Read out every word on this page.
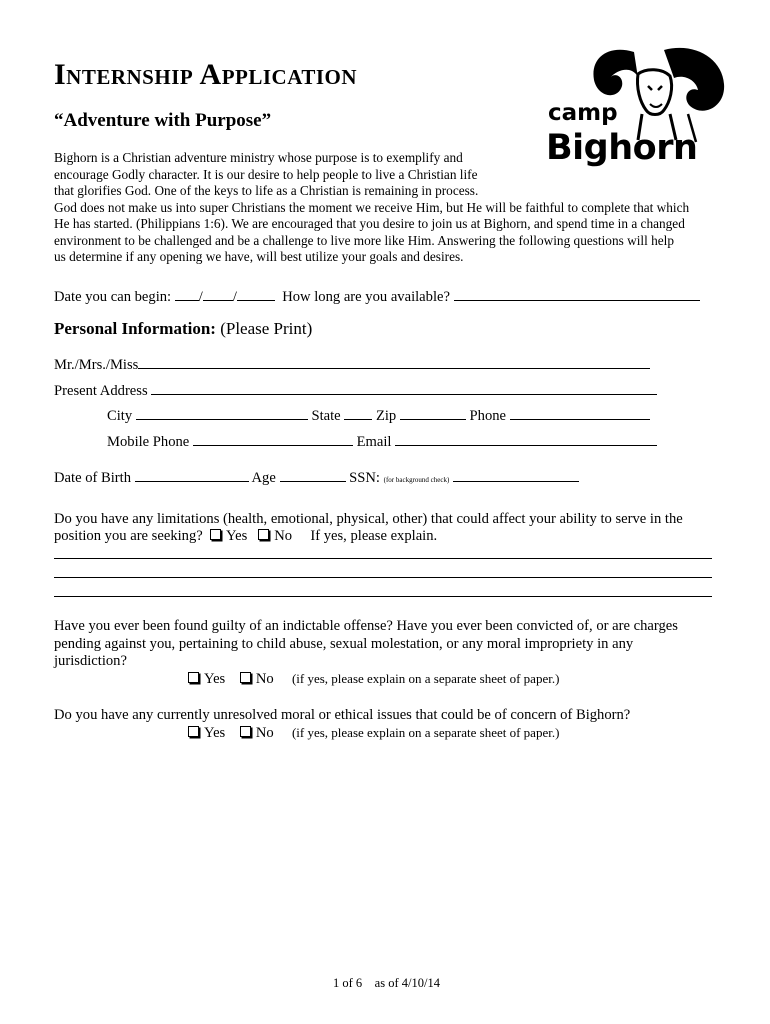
Internship Application
“Adventure with Purpose”	camp
Bighorn
Bighorn is a Christian adventure ministry whose purpose is to exemplify and
encourage Godly character. It is our desire to help people to live a Christian life
that glorifies God. One of the keys to life as a Christian is remaining in process.
God does not make us into super Christians the moment we receive Him, but He will be faithful to complete that which
He has started. (Philippians 1:6). We are encouraged that you desire to join us at Bighorn, and spend time in a changed
environment to be challenged and be a challenge to live more like Him. Answering the following questions will help
us determine if any opening we have, will best utilize your goals and desires.
Date you can begin: / /	How long are you available?
Personal Information: (Please Print)
Mr./Mrs./Miss
Present Address
City	State Zip	Phone
Mobile Phone	Email
Date of Birth	Age	SSN: (for background check)
Do you have any limitations (health, emotional, physical, other) that could affect your ability to serve in the
position you are seeking? Yes No If yes, please explain.
Have you ever been found guilty of an indictable offense? Have you ever been convicted of, or are charges
pending against you, pertaining to child abuse, sexual molestation, or any moral impropriety in any
jurisdiction?
Yes No (if yes, please explain on a separate sheet of paper.)
Do you have any currently unresolved moral or ethical issues that could be of concern of Bighorn?
Yes No (if yes, please explain on a separate sheet of paper.)
1 of 6 as of 4/10/14
